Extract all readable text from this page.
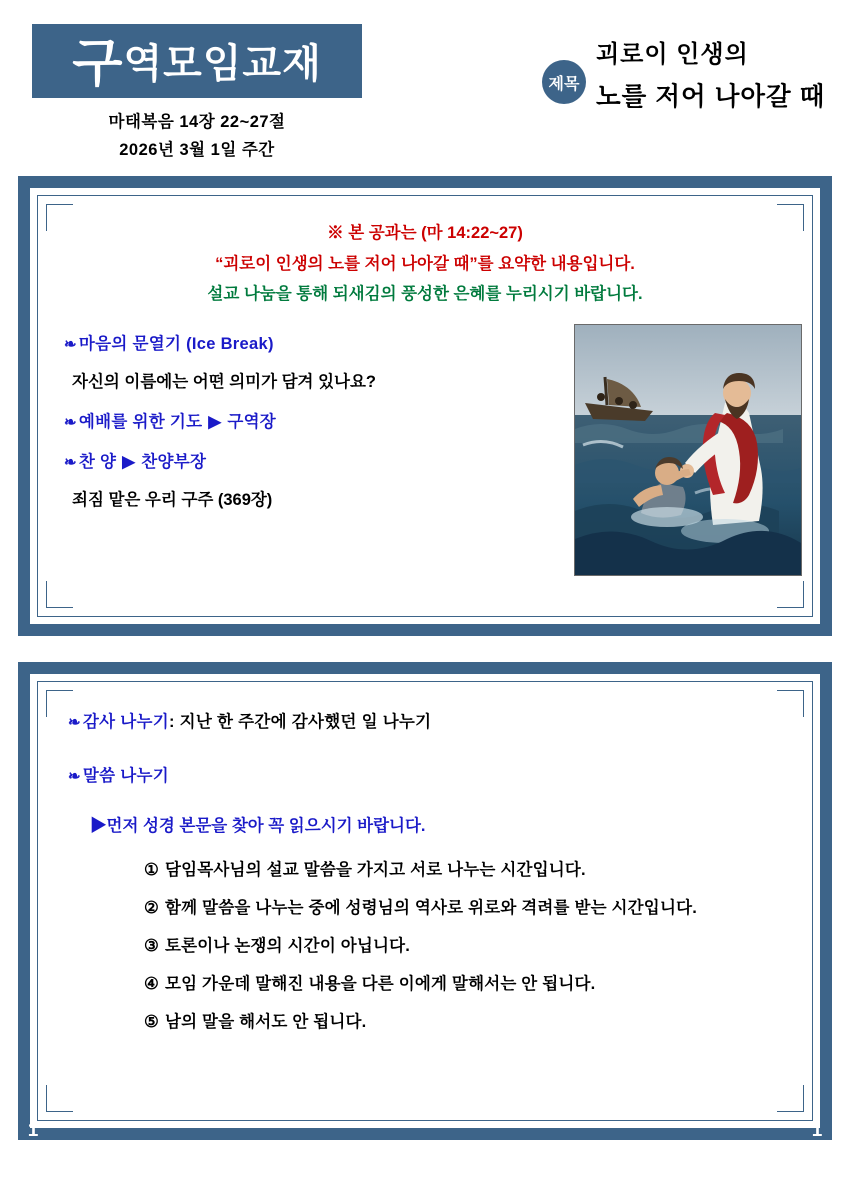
구역모임교재
마태복음 14장 22~27절
2026년 3월 1일 주간
제목
괴로이 인생의
노를 저어 나아갈 때
※ 본 공과는 (마 14:22~27)
“괴로이 인생의 노를 저어 나아갈 때”를 요약한 내용입니다.
설교 나눔을 통해 되새김의 풍성한 은혜를 누리시기 바랍니다.
❧ 마음의 문열기 (Ice Break)
자신의 이름에는 어떤 의미가 담겨 있나요?
❧ 예배를 위한 기도 ▶ 구역장
❧ 찬 양 ▶ 찬양부장
죄짐 맡은 우리 구주 (369장)
❧ 감사 나누기: 지난 한 주간에 감사했던 일 나누기
❧ 말씀 나누기
▶먼저 성경 본문을 찾아 꼭 읽으시기 바랍니다.
① 담임목사님의 설교 말씀을 가지고 서로 나누는 시간입니다.
② 함께 말씀을 나누는 중에 성령님의 역사로 위로와 격려를 받는 시간입니다.
③ 토론이나 논쟁의 시간이 아닙니다.
④ 모임 가운데 말해진 내용을 다른 이에게 말해서는 안 됩니다.
⑤ 남의 말을 해서도 안 됩니다.
1	1
